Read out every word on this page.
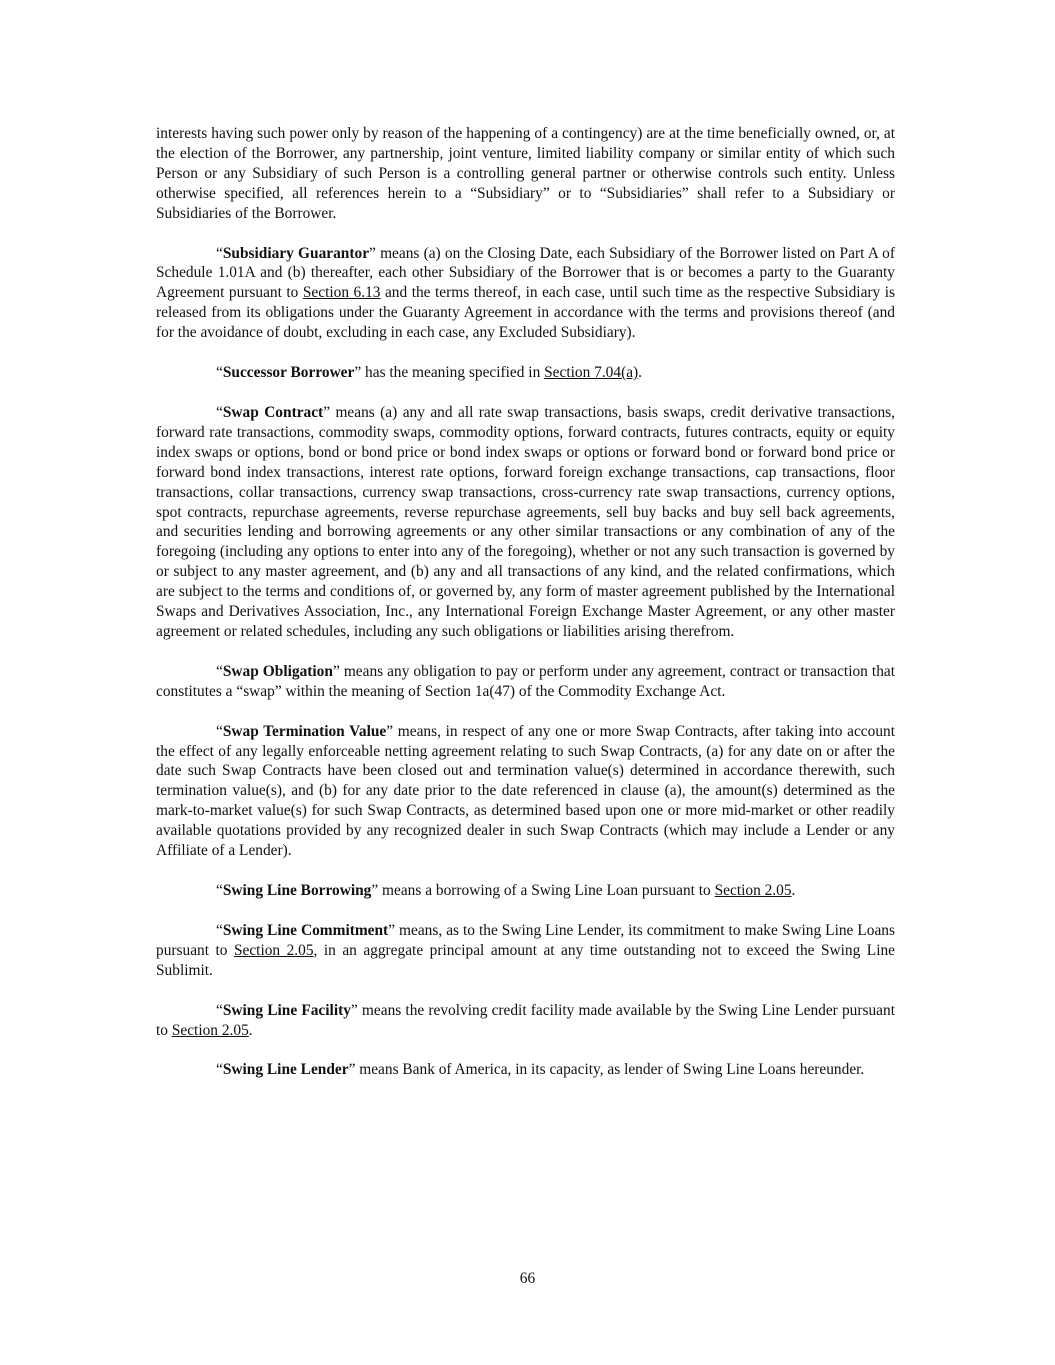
interests having such power only by reason of the happening of a contingency) are at the time beneficially owned, or, at the election of the Borrower, any partnership, joint venture, limited liability company or similar entity of which such Person or any Subsidiary of such Person is a controlling general partner or otherwise controls such entity. Unless otherwise specified, all references herein to a “Subsidiary” or to “Subsidiaries” shall refer to a Subsidiary or Subsidiaries of the Borrower.

“Subsidiary Guarantor” means (a) on the Closing Date, each Subsidiary of the Borrower listed on Part A of Schedule 1.01A and (b) thereafter, each other Subsidiary of the Borrower that is or becomes a party to the Guaranty Agreement pursuant to Section 6.13 and the terms thereof, in each case, until such time as the respective Subsidiary is released from its obligations under the Guaranty Agreement in accordance with the terms and provisions thereof (and for the avoidance of doubt, excluding in each case, any Excluded Subsidiary).

“Successor Borrower” has the meaning specified in Section 7.04(a).

“Swap Contract” means (a) any and all rate swap transactions, basis swaps, credit derivative transactions, forward rate transactions, commodity swaps, commodity options, forward contracts, futures contracts, equity or equity index swaps or options, bond or bond price or bond index swaps or options or forward bond or forward bond price or forward bond index transactions, interest rate options, forward foreign exchange transactions, cap transactions, floor transactions, collar transactions, currency swap transactions, cross-currency rate swap transactions, currency options, spot contracts, repurchase agreements, reverse repurchase agreements, sell buy backs and buy sell back agreements, and securities lending and borrowing agreements or any other similar transactions or any combination of any of the foregoing (including any options to enter into any of the foregoing), whether or not any such transaction is governed by or subject to any master agreement, and (b) any and all transactions of any kind, and the related confirmations, which are subject to the terms and conditions of, or governed by, any form of master agreement published by the International Swaps and Derivatives Association, Inc., any International Foreign Exchange Master Agreement, or any other master agreement or related schedules, including any such obligations or liabilities arising therefrom.

“Swap Obligation” means any obligation to pay or perform under any agreement, contract or transaction that constitutes a “swap” within the meaning of Section 1a(47) of the Commodity Exchange Act.

“Swap Termination Value” means, in respect of any one or more Swap Contracts, after taking into account the effect of any legally enforceable netting agreement relating to such Swap Contracts, (a) for any date on or after the date such Swap Contracts have been closed out and termination value(s) determined in accordance therewith, such termination value(s), and (b) for any date prior to the date referenced in clause (a), the amount(s) determined as the mark-to-market value(s) for such Swap Contracts, as determined based upon one or more mid-market or other readily available quotations provided by any recognized dealer in such Swap Contracts (which may include a Lender or any Affiliate of a Lender).

“Swing Line Borrowing” means a borrowing of a Swing Line Loan pursuant to Section 2.05.

“Swing Line Commitment” means, as to the Swing Line Lender, its commitment to make Swing Line Loans pursuant to Section 2.05, in an aggregate principal amount at any time outstanding not to exceed the Swing Line Sublimit.

“Swing Line Facility” means the revolving credit facility made available by the Swing Line Lender pursuant to Section 2.05.

“Swing Line Lender” means Bank of America, in its capacity, as lender of Swing Line Loans hereunder.

66
